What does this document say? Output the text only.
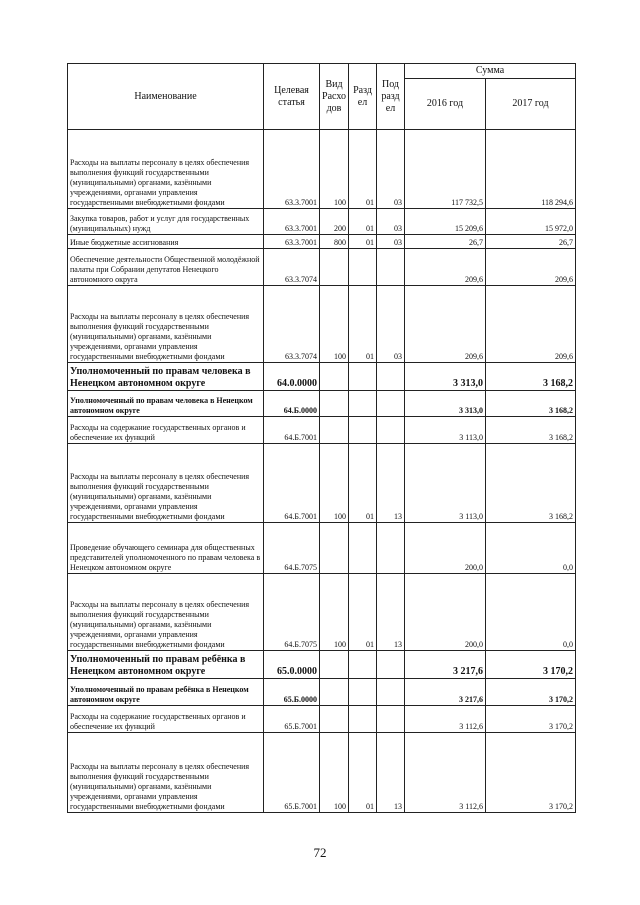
Наименование	Целевая статья	Вид Расхо дов	Разд ел	Под разд ел	Сумма	
					2016 год	2017 год
Расходы на выплаты персоналу в целях обеспечения выполнения функций государственными (муниципальными) органами, казёнными учреждениями, органами управления государственными внебюджетными фондами	63.3.7001	100	01	03	117 732,5	118 294,6
Закупка товаров, работ и услуг для государственных (муниципальных) нужд	63.3.7001	200	01	03	15 209,6	15 972,0
Иные бюджетные ассигнования	63.3.7001	800	01	03	26,7	26,7
Обеспечение деятельности Общественной молодёжной палаты при Собрании депутатов Ненецкого автономного округа	63.3.7074				209,6	209,6
Расходы на выплаты персоналу в целях обеспечения выполнения функций государственными (муниципальными) органами, казёнными учреждениями, органами управления государственными внебюджетными фондами	63.3.7074	100	01	03	209,6	209,6
Уполномоченный по правам человека в Ненецком автономном округе	64.0.0000				3 313,0	3 168,2
Уполномоченный по правам человека в Ненецком автономном округе	64.Б.0000				3 313,0	3 168,2
Расходы на содержание государственных органов и обеспечение их функций	64.Б.7001				3 113,0	3 168,2
Расходы на выплаты персоналу в целях обеспечения выполнения функций государственными (муниципальными) органами, казёнными учреждениями, органами управления государственными внебюджетными фондами	64.Б.7001	100	01	13	3 113,0	3 168,2
Проведение обучающего семинара для общественных представителей уполномоченного по правам человека в Ненецком автономном округе	64.Б.7075				200,0	0,0
Расходы на выплаты персоналу в целях обеспечения выполнения функций государственными (муниципальными) органами, казёнными учреждениями, органами управления государственными внебюджетными фондами	64.Б.7075	100	01	13	200,0	0,0
Уполномоченный по правам ребёнка в Ненецком автономном округе	65.0.0000				3 217,6	3 170,2
Уполномоченный по правам ребёнка в Ненецком автономном округе	65.Б.0000				3 217,6	3 170,2
Расходы на содержание государственных органов и обеспечение их функций	65.Б.7001				3 112,6	3 170,2
Расходы на выплаты персоналу в целях обеспечения выполнения функций государственными (муниципальными) органами, казёнными учреждениями, органами управления государственными внебюджетными фондами	65.Б.7001	100	01	13	3 112,6	3 170,2
72
